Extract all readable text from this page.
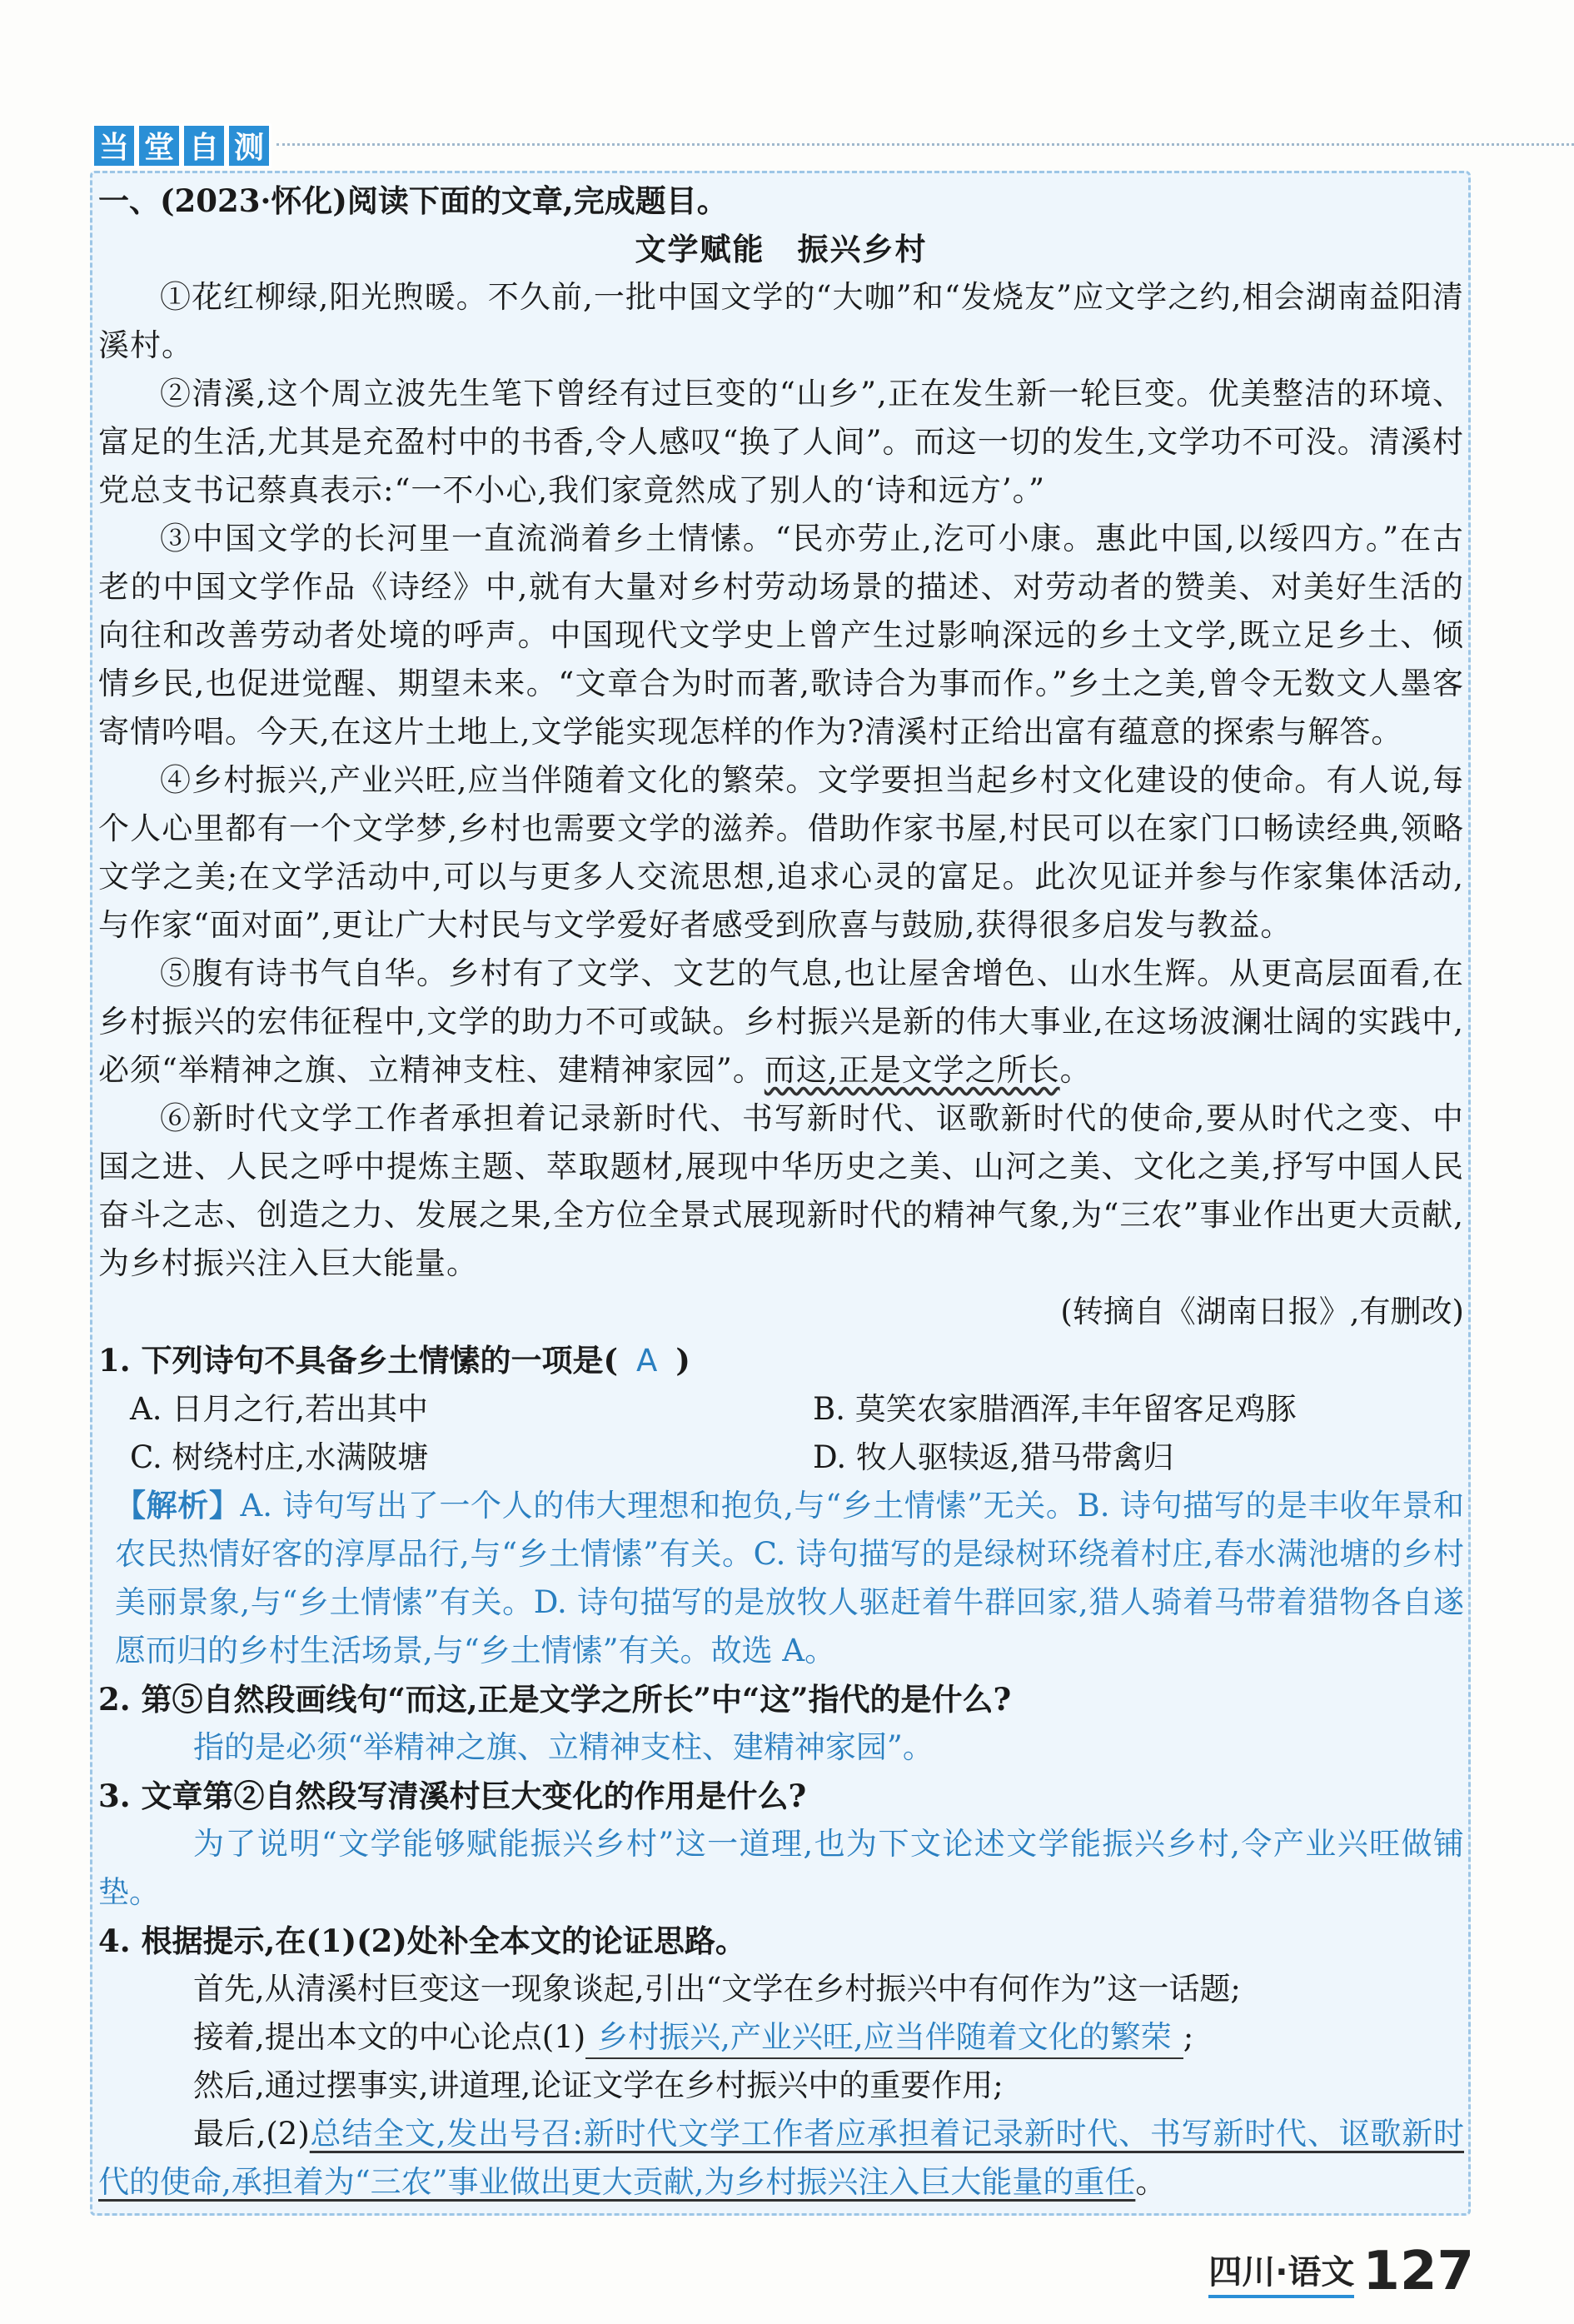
当 堂 自 测

一、(2023·怀化)阅读下面的文章,完成题目。

文学赋能　振兴乡村

①花红柳绿,阳光煦暖。不久前,一批中国文学的“大咖”和“发烧友”应文学之约,相会湖南益阳清溪村。

②清溪,这个周立波先生笔下曾经有过巨变的“山乡”,正在发生新一轮巨变。优美整洁的环境、富足的生活,尤其是充盈村中的书香,令人感叹“换了人间”。而这一切的发生,文学功不可没。清溪村党总支书记蔡真表示:“一不小心,我们家竟然成了别人的‘诗和远方’。”

③中国文学的长河里一直流淌着乡土情愫。“民亦劳止,汔可小康。惠此中国,以绥四方。”在古老的中国文学作品《诗经》中,就有大量对乡村劳动场景的描述、对劳动者的赞美、对美好生活的向往和改善劳动者处境的呼声。中国现代文学史上曾产生过影响深远的乡土文学,既立足乡土、倾情乡民,也促进觉醒、期望未来。“文章合为时而著,歌诗合为事而作。”乡土之美,曾令无数文人墨客寄情吟唱。今天,在这片土地上,文学能实现怎样的作为?清溪村正给出富有蕴意的探索与解答。

④乡村振兴,产业兴旺,应当伴随着文化的繁荣。文学要担当起乡村文化建设的使命。有人说,每个人心里都有一个文学梦,乡村也需要文学的滋养。借助作家书屋,村民可以在家门口畅读经典,领略文学之美;在文学活动中,可以与更多人交流思想,追求心灵的富足。此次见证并参与作家集体活动,与作家“面对面”,更让广大村民与文学爱好者感受到欣喜与鼓励,获得很多启发与教益。

⑤腹有诗书气自华。乡村有了文学、文艺的气息,也让屋舍增色、山水生辉。从更高层面看,在乡村振兴的宏伟征程中,文学的助力不可或缺。乡村振兴是新的伟大事业,在这场波澜壮阔的实践中,必须“举精神之旗、立精神支柱、建精神家园”。而这,正是文学之所长。

⑥新时代文学工作者承担着记录新时代、书写新时代、讴歌新时代的使命,要从时代之变、中国之进、人民之呼中提炼主题、萃取题材,展现中华历史之美、山河之美、文化之美,抒写中国人民奋斗之志、创造之力、发展之果,全方位全景式展现新时代的精神气象,为“三农”事业作出更大贡献,为乡村振兴注入巨大能量。

(转摘自《湖南日报》,有删改)

1. 下列诗句不具备乡土情愫的一项是( A )

A. 日月之行,若出其中	B. 莫笑农家腊酒浑,丰年留客足鸡豚
C. 树绕村庄,水满陂塘	D. 牧人驱犊返,猎马带禽归

【解析】A. 诗句写出了一个人的伟大理想和抱负,与“乡土情愫”无关。B. 诗句描写的是丰收年景和农民热情好客的淳厚品行,与“乡土情愫”有关。C. 诗句描写的是绿树环绕着村庄,春水满池塘的乡村美丽景象,与“乡土情愫”有关。D. 诗句描写的是放牧人驱赶着牛群回家,猎人骑着马带着猎物各自遂愿而归的乡村生活场景,与“乡土情愫”有关。故选 A。

2. 第⑤自然段画线句“而这,正是文学之所长”中“这”指代的是什么?

指的是必须“举精神之旗、立精神支柱、建精神家园”。

3. 文章第②自然段写清溪村巨大变化的作用是什么?

为了说明“文学能够赋能振兴乡村”这一道理,也为下文论述文学能振兴乡村,令产业兴旺做铺垫。

4. 根据提示,在(1)(2)处补全本文的论证思路。

首先,从清溪村巨变这一现象谈起,引出“文学在乡村振兴中有何作为”这一话题;

接着,提出本文的中心论点(1) 乡村振兴,产业兴旺,应当伴随着文化的繁荣 ;

然后,通过摆事实,讲道理,论证文学在乡村振兴中的重要作用;

最后,(2)总结全文,发出号召:新时代文学工作者应承担着记录新时代、书写新时代、讴歌新时代的使命,承担着为“三农”事业做出更大贡献,为乡村振兴注入巨大能量的重任。

四川·语文 127
